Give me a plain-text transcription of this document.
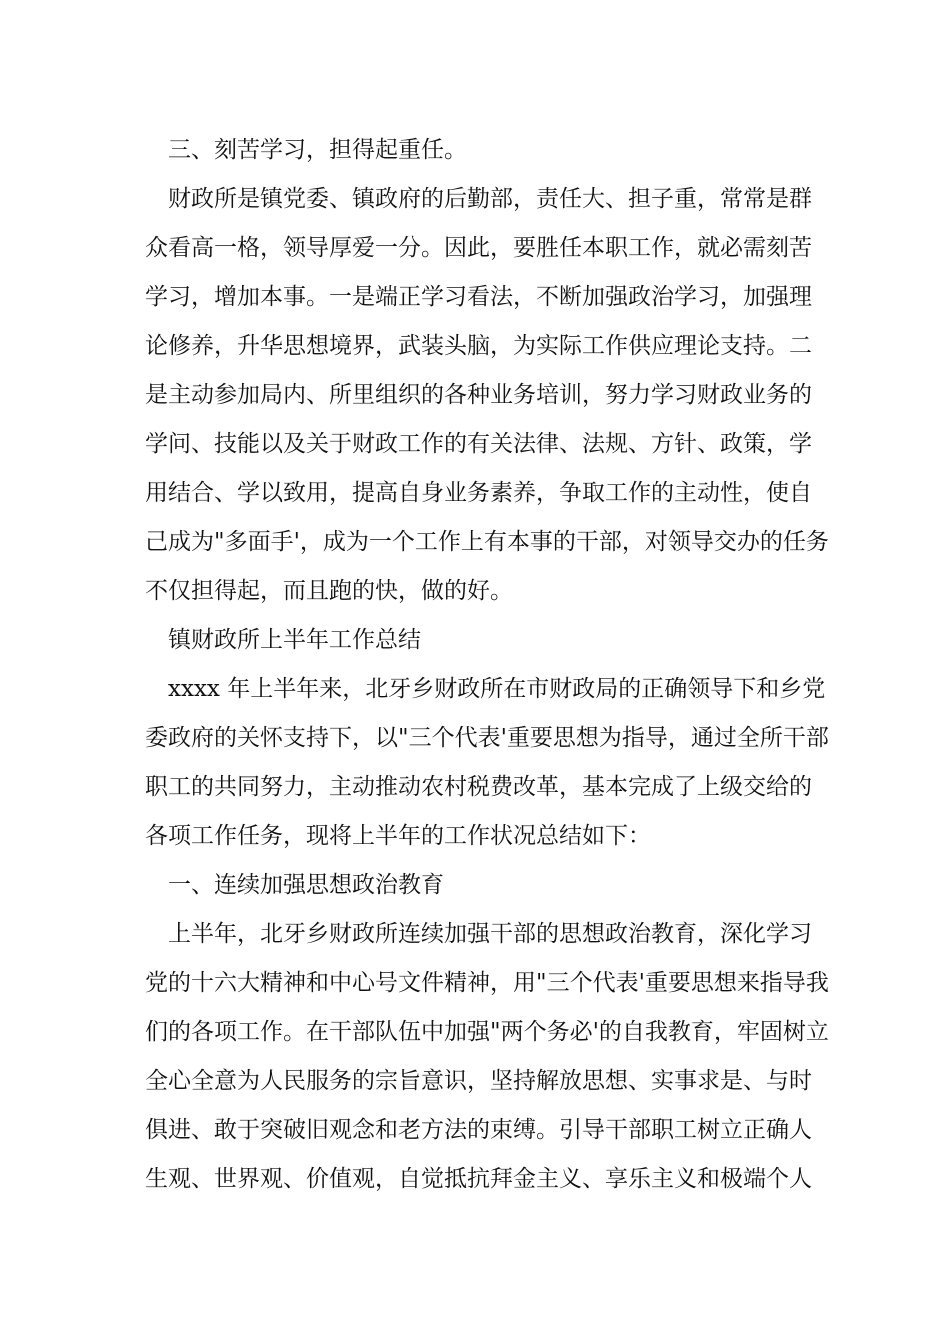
三、刻苦学习，担得起重任。
财政所是镇党委、镇政府的后勤部，责任大、担子重，常常是群
众看高一格，领导厚爱一分。因此，要胜任本职工作，就必需刻苦
学习，增加本事。一是端正学习看法，不断加强政治学习，加强理
论修养，升华思想境界，武装头脑，为实际工作供应理论支持。二
是主动参加局内、所里组织的各种业务培训，努力学习财政业务的
学问、技能以及关于财政工作的有关法律、法规、方针、政策，学
用结合、学以致用，提高自身业务素养，争取工作的主动性，使自
己成为"多面手'，成为一个工作上有本事的干部，对领导交办的任务
不仅担得起，而且跑的快，做的好。
镇财政所上半年工作总结
xxxx 年上半年来，北牙乡财政所在市财政局的正确领导下和乡党
委政府的关怀支持下，以"三个代表'重要思想为指导，通过全所干部
职工的共同努力，主动推动农村税费改革，基本完成了上级交给的
各项工作任务，现将上半年的工作状况总结如下：
一、连续加强思想政治教育
上半年，北牙乡财政所连续加强干部的思想政治教育，深化学习
党的十六大精神和中心号文件精神，用"三个代表'重要思想来指导我
们的各项工作。在干部队伍中加强"两个务必'的自我教育，牢固树立
全心全意为人民服务的宗旨意识，坚持解放思想、实事求是、与时
俱进、敢于突破旧观念和老方法的束缚。引导干部职工树立正确人
生观、世界观、价值观，自觉抵抗拜金主义、享乐主义和极端个人
